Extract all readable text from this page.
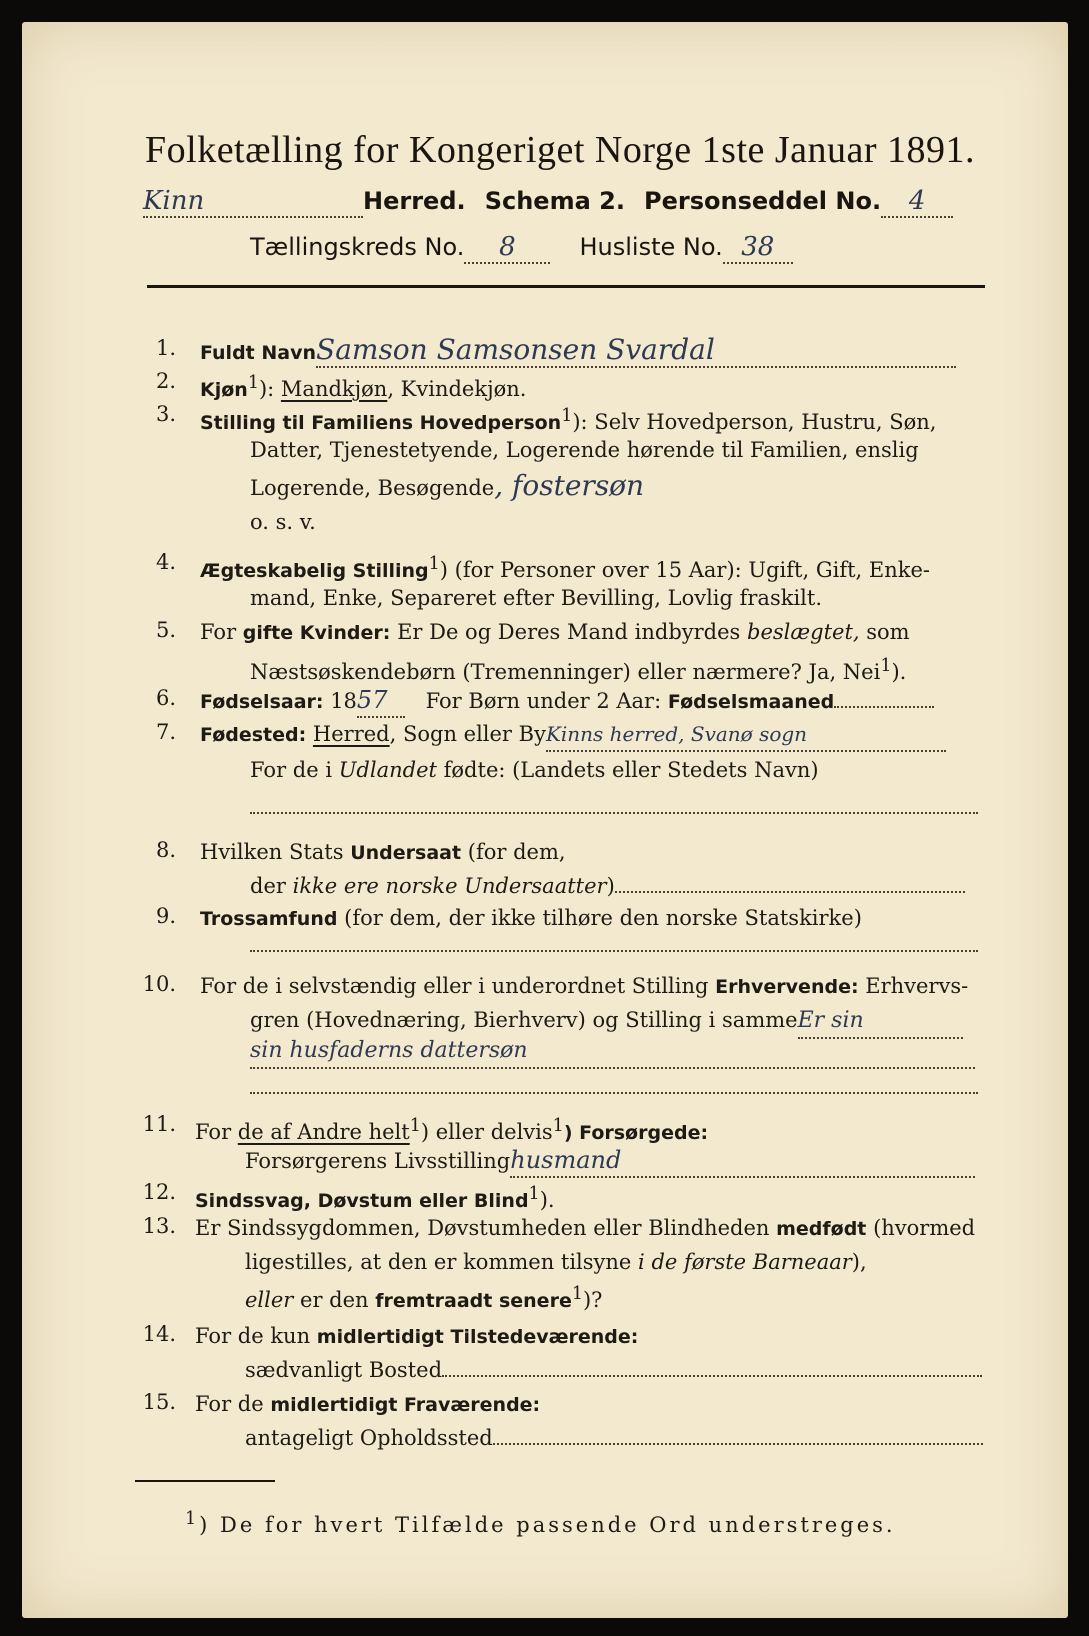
Folketælling for Kongeriget Norge 1ste Januar 1891.
Kinn	Herred. Schema 2. Personseddel No. 4
Tællingskreds No. 8	Husliste No. 38
1. Fuldt NavnSamson Samsonsen Svardal
2. Kjøn$^1$): Mandkjøn, Kvindekjøn.
3. Stilling til Familiens Hovedperson$^1$): Selv Hovedperson, Hustru, Søn,
Datter, Tjenestetyende, Logerende hørende til Familien, enslig
Logerende, Besøgende, fostersøn
o. s. v.
4. Ægteskabelig Stilling$^1$) (for Personer over 15 Aar): Ugift, Gift, Enke-
mand, Enke, Separeret efter Bevilling, Lovlig fraskilt.
5. For gifte Kvinder: Er De og Deres Mand indbyrdes beslægtet, som
Næstsøskendebørn (Tremenninger) eller nærmere? Ja, Nei$^1$).
6. Fødselsaar: 1857 For Børn under 2 Aar: Fødselsmaaned
7. Fødested: Herred, Sogn eller ByKinns herred, Svanø sogn
For de i Udlandet fødte: (Landets eller Stedets Navn)
8. Hvilken Stats Undersaat (for dem,
der ikke ere norske Undersaatter)
9. Trossamfund (for dem, der ikke tilhøre den norske Statskirke)
10. For de i selvstændig eller i underordnet Stilling Erhvervende: Erhvervs-
gren (Hovednæring, Bierhverv) og Stilling i sammeEr sin
sin husfaderns dattersøn
11. For de af Andre helt$^1$) eller delvis$^1$) Forsørgede:
Forsørgerens Livsstillinghusmand
12. Sindssvag, Døvstum eller Blind$^1$).
13. Er Sindssygdommen, Døvstumheden eller Blindheden medfødt (hvormed
ligestilles, at den er kommen tilsyne i de første Barneaar),
eller er den fremtraadt senere$^1$)?
14. For de kun midlertidigt Tilstedeværende:
sædvanligt Bosted
15. For de midlertidigt Fraværende:
antageligt Opholdssted
$^1$) De for hvert Tilfælde passende Ord understreges.
